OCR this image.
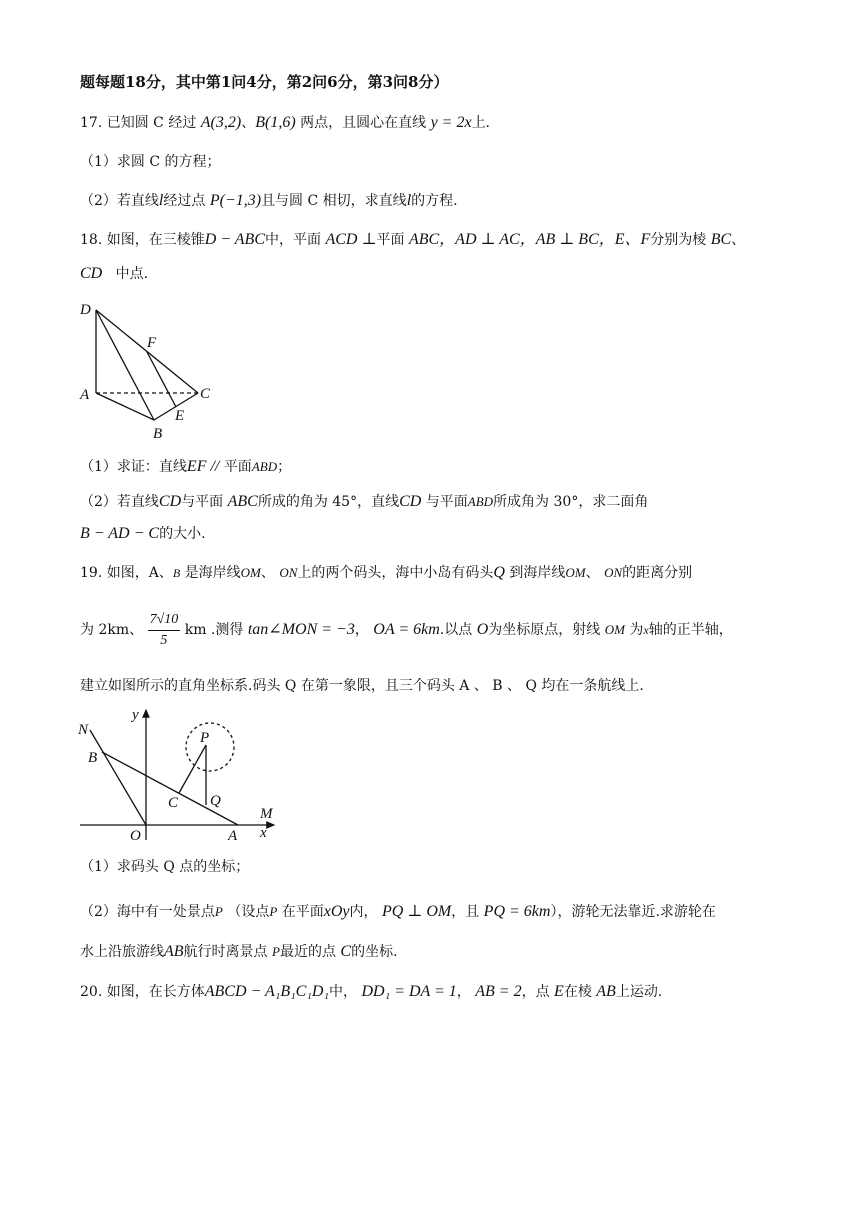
题每题18分，其中第1问4分，第2问6分，第3问8分）
17. 已知圆 C 经过 A(3,2)、B(1,6) 两点，且圆心在直线 y = 2x上.
（1）求圆 C 的方程；
（2）若直线l经过点 P(−1,3)且与圆 C 相切，求直线l的方程.
18. 如图，在三棱锥D − ABC中，平面 ACD ⊥平面 ABC，AD ⊥ AC，AB ⊥ BC，E、F分别为棱 BC、
CD 中点.
D
F
A	C
E
B
（1）求证：直线EF // 平面ABD；
（2）若直线CD与平面 ABC所成的角为 45°，直线CD 与平面ABD所成角为 30°，求二面角
B − AD − C的大小.
19. 如图，A、B 是海岸线OM、 ON上的两个码头，海中小岛有码头Q 到海岸线OM、 ON的距离分别
为 2km、 $\frac{7√10}{5}$ km .测得 tan∠MON = −3， OA = 6km.以点 O为坐标原点，射线 OM 为x轴的正半轴，
建立如图所示的直角坐标系.码头 Q 在第一象限，且三个码头 A 、 B 、 Q 均在一条航线上.
N
y
B
P
C Q
M
O	A x
（1）求码头 Q 点的坐标；
（2）海中有一处景点P （设点P 在平面xOy内， PQ ⊥ OM，且 PQ = 6km），游轮无法靠近.求游轮在
水上沿旅游线AB航行时离景点 P最近的点 C的坐标.
20. 如图，在长方体ABCD − A₁B₁C₁D₁中， DD₁ = DA = 1， AB = 2，点 E在棱 AB上运动.
